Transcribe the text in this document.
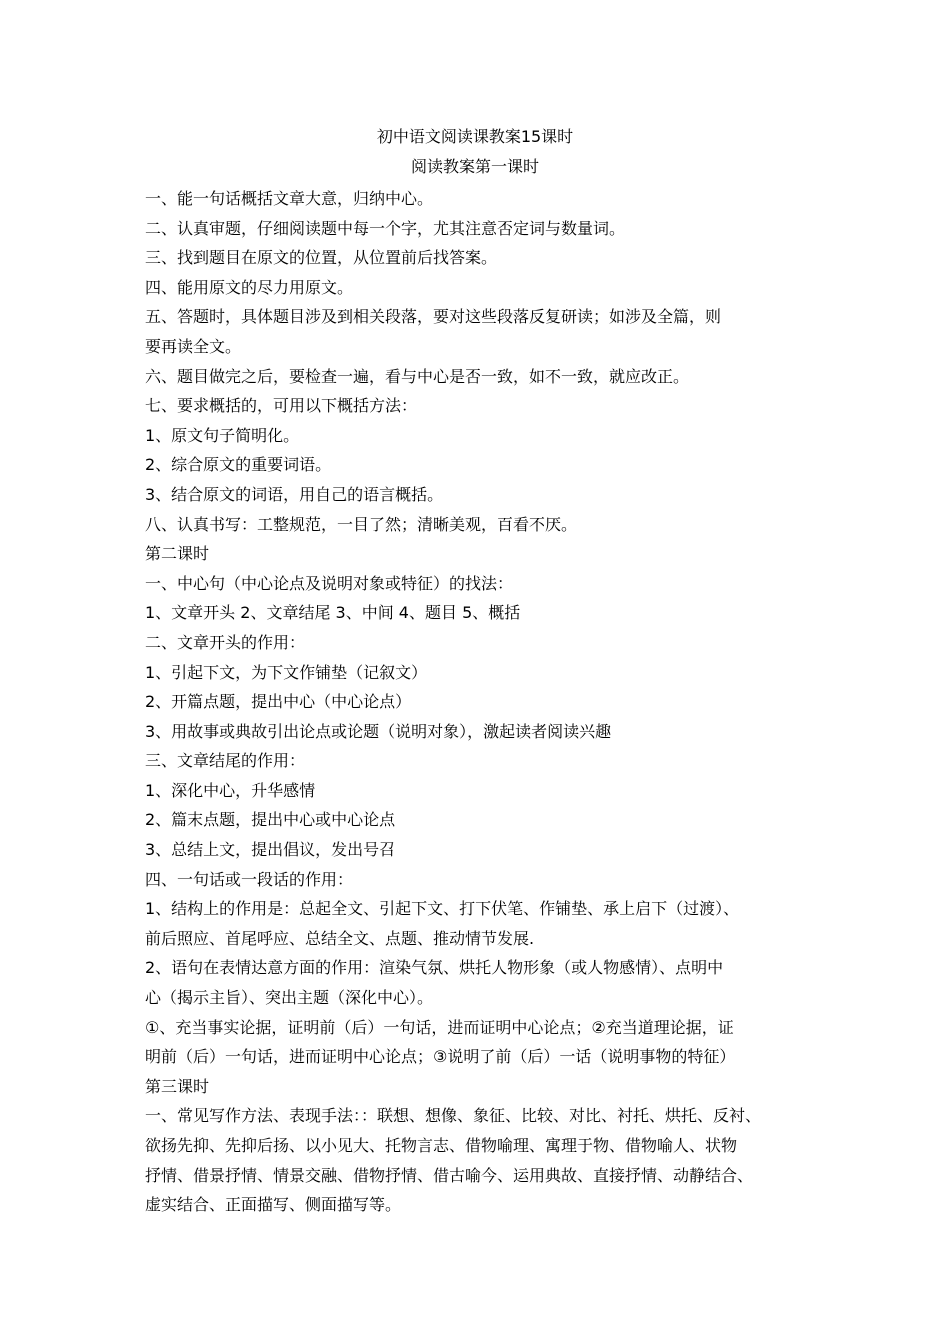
初中语文阅读课教案15课时
阅读教案第一课时
一、能一句话概括文章大意，归纳中心。
二、认真审题，仔细阅读题中每一个字，尤其注意否定词与数量词。
三、找到题目在原文的位置，从位置前后找答案。
四、能用原文的尽力用原文。
五、答题时，具体题目涉及到相关段落，要对这些段落反复研读；如涉及全篇，则
要再读全文。
六、题目做完之后，要检查一遍，看与中心是否一致，如不一致，就应改正。
七、要求概括的，可用以下概括方法：
1、原文句子简明化。
2、综合原文的重要词语。
3、结合原文的词语，用自己的语言概括。
八、认真书写：工整规范，一目了然；清晰美观，百看不厌。
第二课时
一、中心句（中心论点及说明对象或特征）的找法：
1、文章开头 2、文章结尾 3、中间 4、题目 5、概括
二、文章开头的作用：
1、引起下文，为下文作铺垫（记叙文）
2、开篇点题，提出中心（中心论点）
3、用故事或典故引出论点或论题（说明对象），激起读者阅读兴趣
三、文章结尾的作用：
1、深化中心，升华感情
2、篇末点题，提出中心或中心论点
3、总结上文，提出倡议，发出号召
四、一句话或一段话的作用：
1、结构上的作用是：总起全文、引起下文、打下伏笔、作铺垫、承上启下（过渡）、
前后照应、首尾呼应、总结全文、点题、推动情节发展.
2、语句在表情达意方面的作用：渲染气氛、烘托人物形象（或人物感情）、点明中
心（揭示主旨）、突出主题（深化中心）。
①、充当事实论据，证明前（后）一句话，进而证明中心论点；②充当道理论据，证
明前（后）一句话，进而证明中心论点；③说明了前（后）一话（说明事物的特征）
第三课时
一、常见写作方法、表现手法：：联想、想像、象征、比较、对比、衬托、烘托、反衬、
欲扬先抑、先抑后扬、以小见大、托物言志、借物喻理、寓理于物、借物喻人、状物
抒情、借景抒情、情景交融、借物抒情、借古喻今、运用典故、直接抒情、动静结合、
虚实结合、正面描写、侧面描写等。
